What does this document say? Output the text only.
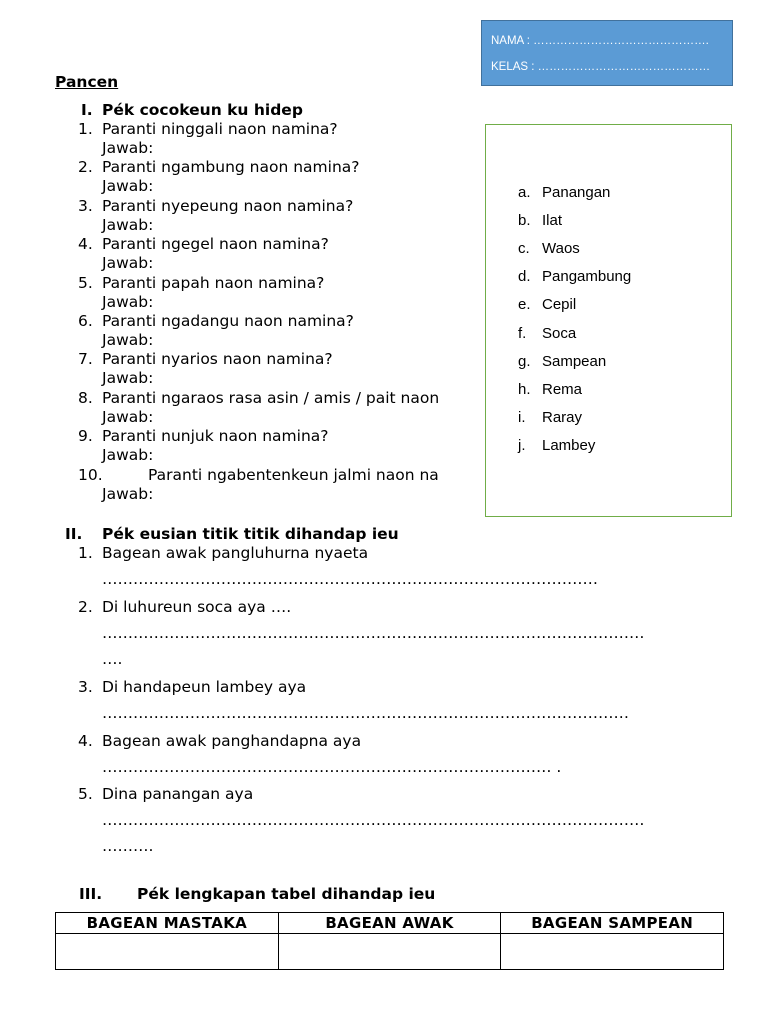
NAMA : ……………………………………….
KELAS : ………………………………………
Pancen
I. Pék cocokeun ku hidep
1. Paranti ninggali naon namina?
Jawab:
2. Paranti ngambung naon namina?
Jawab:
3. Paranti nyepeung naon namina?
Jawab:
4. Paranti ngegel naon namina?
Jawab:
5. Paranti papah naon namina?
Jawab:
6. Paranti ngadangu naon namina?
Jawab:
7. Paranti nyarios naon namina?
Jawab:
8. Paranti ngaraos rasa asin / amis / pait naon
Jawab:
9. Paranti nunjuk naon namina?
Jawab:
10.	Paranti ngabentenkeun jalmi naon na
Jawab:
a. Panangan
b. Ilat
c. Waos
d. Pangambung
e. Cepil
f. Soca
g. Sampean
h. Rema
i. Raray
j. Lambey
II. Pék eusian titik titik dihandap ieu
1. Bagean awak pangluhurna nyaeta
……………………………………………………………………………………
2. Di luhureun soca aya ….
……………………………………………………………………………………………
….
3. Di handapeun lambey aya
…………………………………………………………………………………………
4. Bagean awak panghandapna aya
…………………………………………………………………………… .
5. Dina panangan aya
……………………………………………………………………………………………
……….
III. Pék lengkapan tabel dihandap ieu
BAGEAN MASTAKA	BAGEAN AWAK	BAGEAN SAMPEAN
